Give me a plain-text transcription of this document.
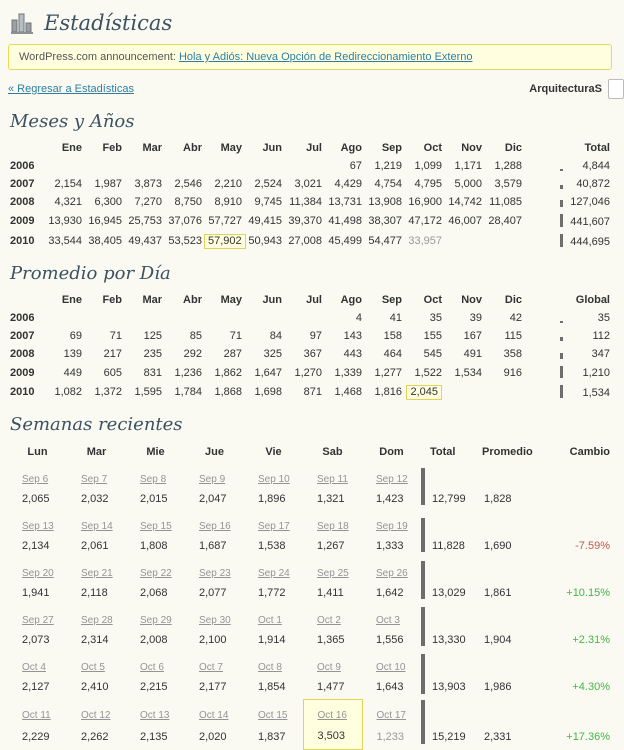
Estadísticas
WordPress.com announcement: Hola y Adiós: Nueva Opción de Redireccionamiento Externo
« Regresar a Estadísticas	ArquitecturaS
Meses y Años
	Ene	Feb	Mar	Abr	May	Jun	Jul	Ago	Sep	Oct	Nov	Dic	Total
2006								67	1,219	1,099	1,171	1,288	4,844

2007	2,154	1,987	3,873	2,546	2,210	2,524	3,021	4,429	4,754	4,795	5,000	3,579	40,872

2008	4,321	6,300	7,270	8,750	8,910	9,745	11,384	13,731	13,908	16,900	14,742	11,085	127,046

2009	13,930	16,945	25,753	37,076	57,727	49,415	39,370	41,498	38,307	47,172	46,007	28,407	441,607

2010	33,544	38,405	49,437	53,523	57,902	50,943	27,008	45,499	54,477	33,957			444,695
Promedio por Día
	Ene	Feb	Mar	Abr	May	Jun	Jul	Ago	Sep	Oct	Nov	Dic	Global
2006								4	41	35	39	42	35

2007	69	71	125	85	71	84	97	143	158	155	167	115	112

2008	139	217	235	292	287	325	367	443	464	545	491	358	347

2009	449	605	831	1,236	1,862	1,647	1,270	1,339	1,277	1,522	1,534	916	1,210

2010	1,082	1,372	1,595	1,784	1,868	1,698	871	1,468	1,816	2,045			1,534
Semanas recientes
Lun	Mar	Mie	Jue	Vie	Sab	Dom		Total	Promedio	Cambio
Sep 6	Sep 7	Sep 8	Sep 9	Sep 10	Sep 11	Sep 12	

2,065	2,032	2,015	2,047	1,896	1,321	1,423		12,799	1,828	
Sep 13	Sep 14	Sep 15	Sep 16	Sep 17	Sep 18	Sep 19	

2,134	2,061	1,808	1,687	1,538	1,267	1,333		11,828	1,690	-7.59%
Sep 20	Sep 21	Sep 22	Sep 23	Sep 24	Sep 25	Sep 26	

1,941	2,118	2,068	2,077	1,772	1,411	1,642		13,029	1,861	+10.15%
Sep 27	Sep 28	Sep 29	Sep 30	Oct 1	Oct 2	Oct 3	

2,073	2,314	2,008	2,100	1,914	1,365	1,556		13,330	1,904	+2.31%
Oct 4	Oct 5	Oct 6	Oct 7	Oct 8	Oct 9	Oct 10	

2,127	2,410	2,215	2,177	1,854	1,477	1,643		13,903	1,986	+4.30%
Oct 11	Oct 12	Oct 13	Oct 14	Oct 15	Oct 16	Oct 17	

2,229	2,262	2,135	2,020	1,837	3,503	1,233		15,219	2,331	+17.36%
